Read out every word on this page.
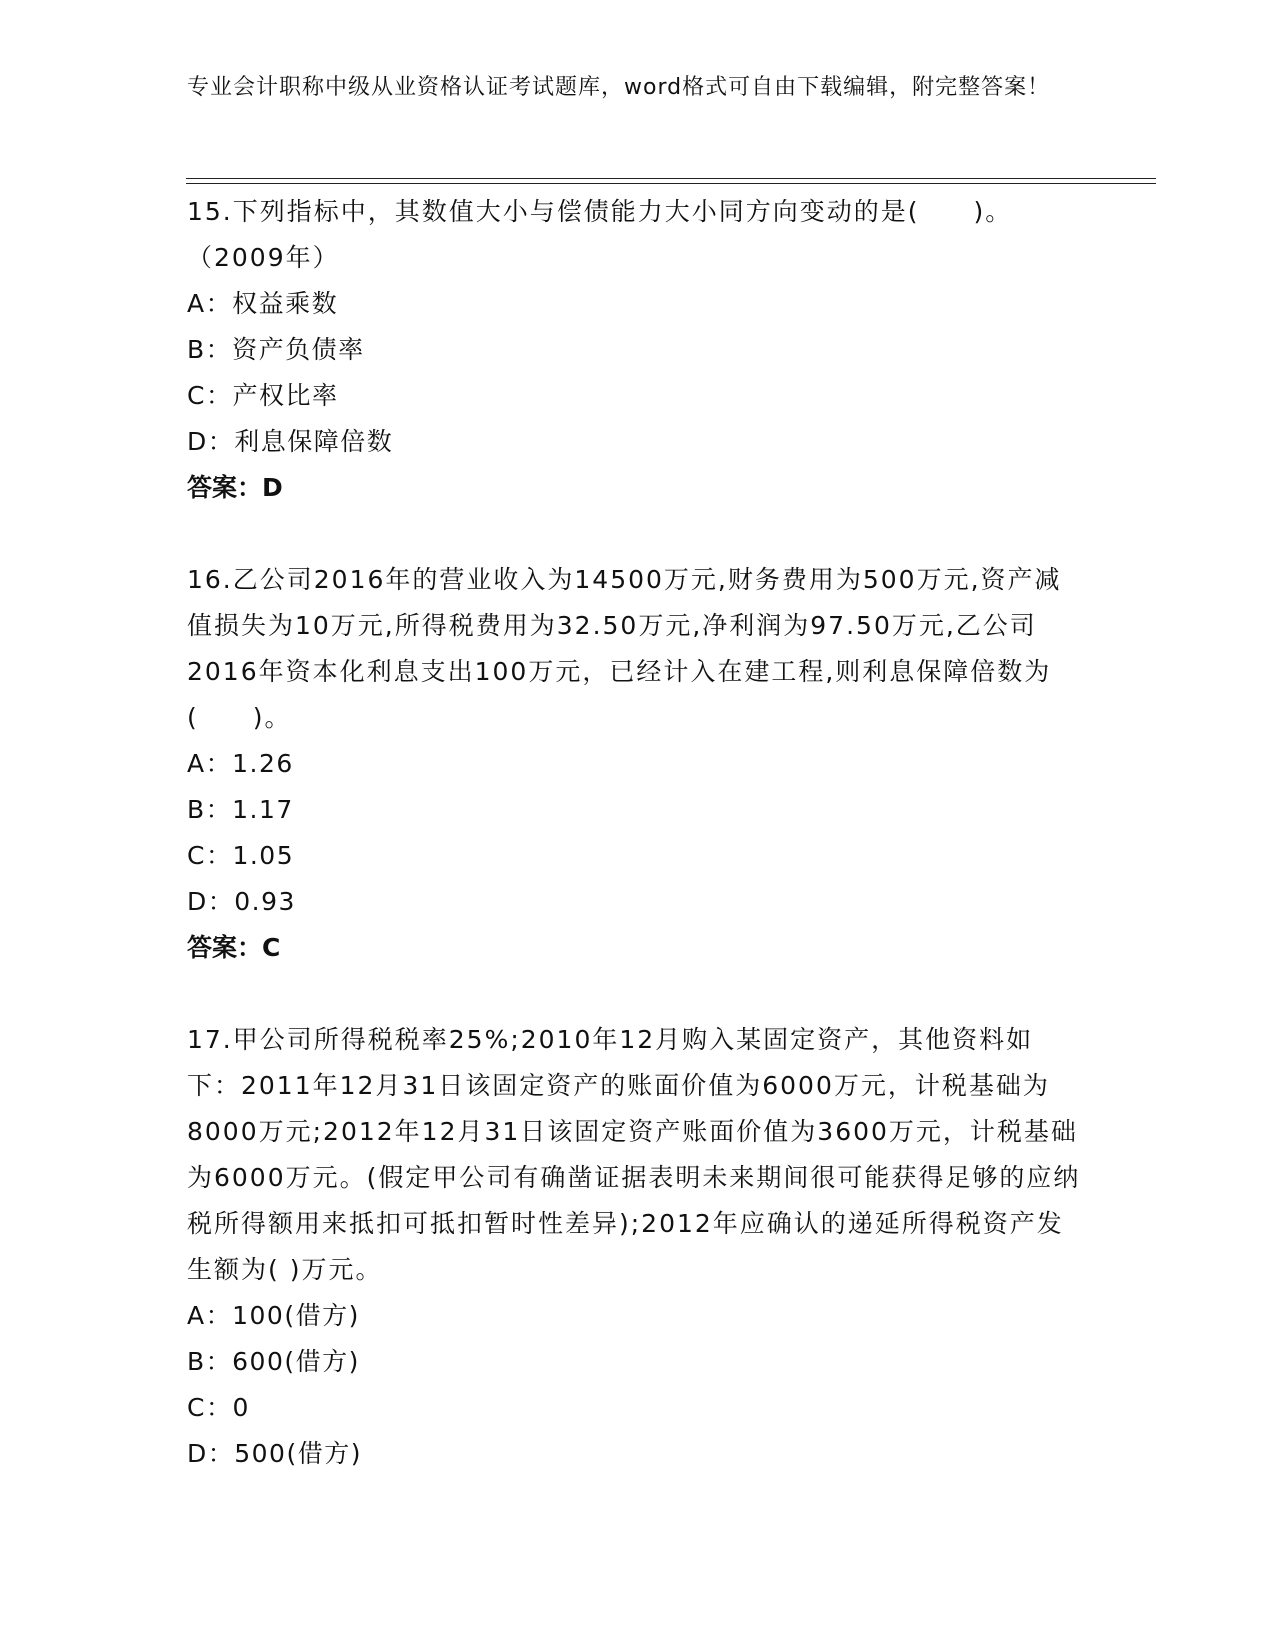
专业会计职称中级从业资格认证考试题库，word格式可自由下载编辑，附完整答案！

15.下列指标中，其数值大小与偿债能力大小同方向变动的是(　　)。（2009年）

A：权益乘数

B：资产负债率

C：产权比率

D：利息保障倍数

答案：D

16.乙公司2016年的营业收入为14500万元,财务费用为500万元,资产减值损失为10万元,所得税费用为32.50万元,净利润为97.50万元,乙公司2016年资本化利息支出100万元，已经计入在建工程,则利息保障倍数为(　　)。

A：1.26

B：1.17

C：1.05

D：0.93

答案：C

17.甲公司所得税税率25%;2010年12月购入某固定资产，其他资料如下：2011年12月31日该固定资产的账面价值为6000万元，计税基础为8000万元;2012年12月31日该固定资产账面价值为3600万元，计税基础为6000万元。(假定甲公司有确凿证据表明未来期间很可能获得足够的应纳税所得额用来抵扣可抵扣暂时性差异);2012年应确认的递延所得税资产发生额为( )万元。

A：100(借方)

B：600(借方)

C：0

D：500(借方)
